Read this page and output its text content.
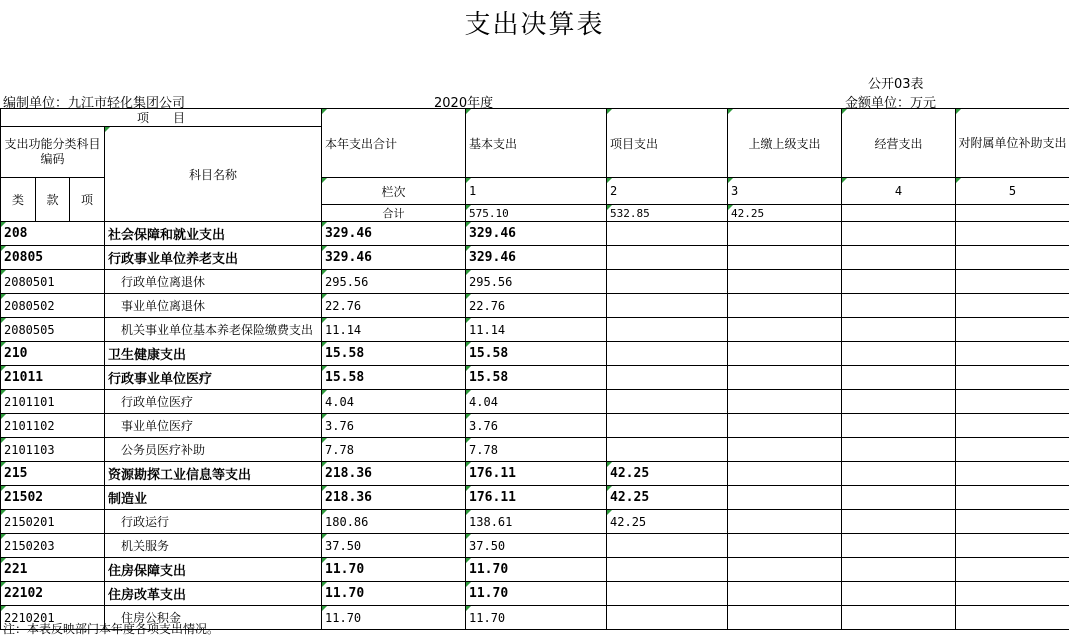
支出决算表
公开03表
编制单位：九江市轻化集团公司	2020年度	金额单位：万元
项　　目				本年支出合计	基本支出	项目支出	上缴上级支出	经营支出	对附属单位补助支出	
支出功能分类科目编码			科目名称							
类	款	项		栏次	1	2	3	4	5	
				合计	575.10	532.85	42.25			
208			社会保障和就业支出	329.46	329.46					
20805			行政事业单位养老支出	329.46	329.46					
2080501			行政单位离退休	295.56	295.56					
2080502			事业单位离退休	22.76	22.76					
2080505			机关事业单位基本养老保险缴费支出	11.14	11.14					
210			卫生健康支出	15.58	15.58					
21011			行政事业单位医疗	15.58	15.58					
2101101			行政单位医疗	4.04	4.04					
2101102			事业单位医疗	3.76	3.76					
2101103			公务员医疗补助	7.78	7.78					
215			资源勘探工业信息等支出	218.36	176.11	42.25				
21502			制造业	218.36	176.11	42.25				
2150201			行政运行	180.86	138.61	42.25				
2150203			机关服务	37.50	37.50					
221			住房保障支出	11.70	11.70					
22102			住房改革支出	11.70	11.70					
2210201			住房公积金	11.70	11.70					
注：本表反映部门本年度各项支出情况。
